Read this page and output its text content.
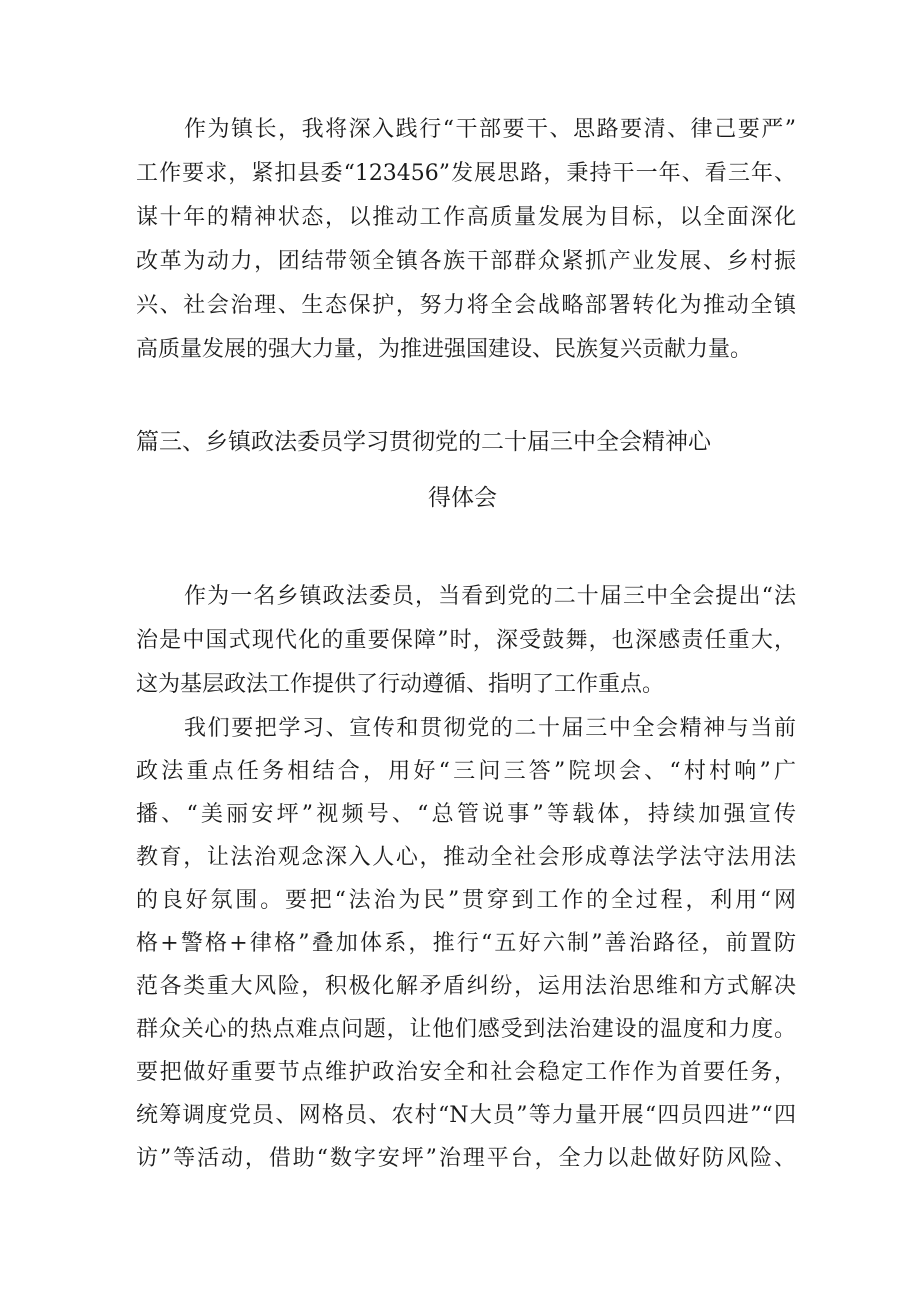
作为镇长，我将深入践行“干部要干、思路要清、律己要严”
工作要求，紧扣县委“123456”发展思路，秉持干一年、看三年、
谋十年的精神状态，以推动工作高质量发展为目标，以全面深化
改革为动力，团结带领全镇各族干部群众紧抓产业发展、乡村振
兴、社会治理、生态保护，努力将全会战略部署转化为推动全镇
高质量发展的强大力量，为推进强国建设、民族复兴贡献力量。
篇三、乡镇政法委员学习贯彻党的二十届三中全会精神心
得体会
作为一名乡镇政法委员，当看到党的二十届三中全会提出“法
治是中国式现代化的重要保障”时，深受鼓舞，也深感责任重大，
这为基层政法工作提供了行动遵循、指明了工作重点。
我们要把学习、宣传和贯彻党的二十届三中全会精神与当前
政法重点任务相结合，用好“三问三答”院坝会、“村村响”广
播、“美丽安坪”视频号、“总管说事”等载体，持续加强宣传
教育，让法治观念深入人心，推动全社会形成尊法学法守法用法
的良好氛围。要把“法治为民”贯穿到工作的全过程，利用“网
格+警格+律格”叠加体系，推行“五好六制”善治路径，前置防
范各类重大风险，积极化解矛盾纠纷，运用法治思维和方式解决
群众关心的热点难点问题，让他们感受到法治建设的温度和力度。
要把做好重要节点维护政治安全和社会稳定工作作为首要任务，
统筹调度党员、网格员、农村“N大员”等力量开展“四员四进”“四
访”等活动，借助“数字安坪”治理平台，全力以赴做好防风险、
